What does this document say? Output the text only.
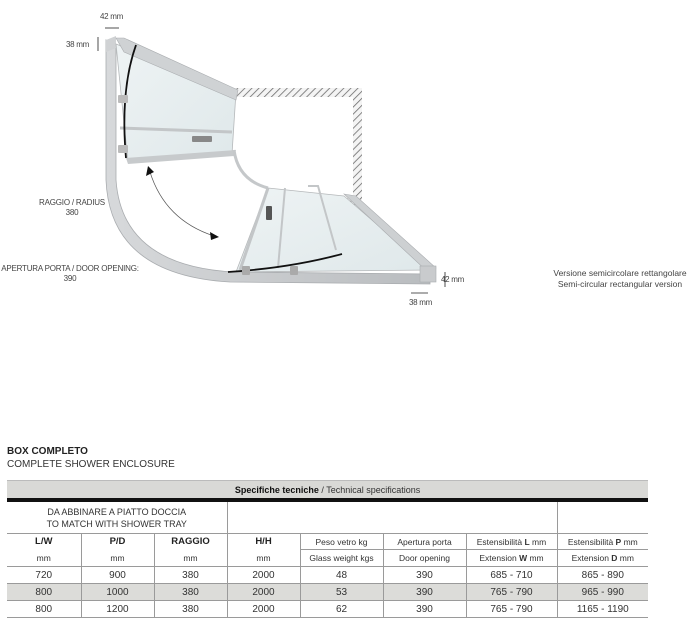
42 mm
38 mm
42 mm
38 mm
RAGGIO / RADIUS
380
APERTURA PORTA / DOOR OPENING:
390
Versione semicircolare rettangolare
Semi-circular rectangular version
BOX COMPLETO
COMPLETE SHOWER ENCLOSURE
Specifiche tecniche / Technical specifications							

DA ABBINARE A PIATTO DOCCIA
TO MATCH WITH SHOWER TRAY							

L/W	P/D	RAGGIO	H/H	Peso vetro kg	Apertura porta	Estensibilità L mm	Estensibilità P mm
mm	mm	mm	mm	Glass weight kgs	Door opening	Extension W mm	Extension D mm
720	900	380	2000	48	390	685 - 710	865 - 890
800	1000	380	2000	53	390	765 - 790	965 - 990
800	1200	380	2000	62	390	765 - 790	1165 - 1190
